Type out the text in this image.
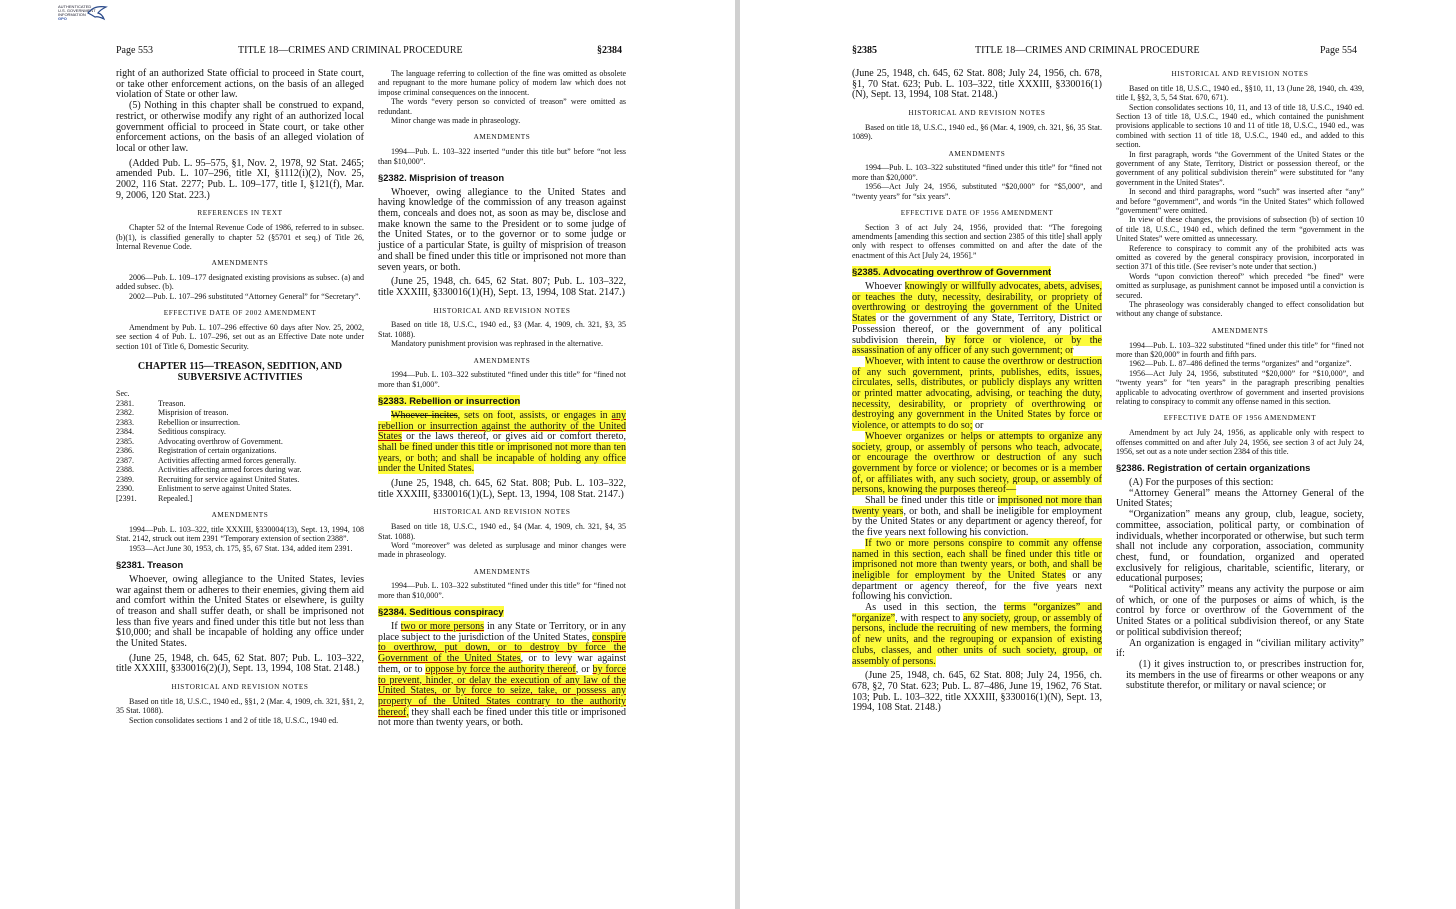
AUTHENTICATED
U.S. GOVERNMENT
INFORMATION
GPO
Page 553	TITLE 18—CRIMES AND CRIMINAL PROCEDURE	§2384

right of an authorized State official to proceed in State court, or take other enforcement actions, on the basis of an alleged violation of State or other law.

(5) Nothing in this chapter shall be construed to expand, restrict, or otherwise modify any right of an authorized local government official to proceed in State court, or take other enforcement actions, on the basis of an alleged violation of local or other law.

(Added Pub. L. 95–575, §1, Nov. 2, 1978, 92 Stat. 2465; amended Pub. L. 107–296, title XI, §1112(i)(2), Nov. 25, 2002, 116 Stat. 2277; Pub. L. 109–177, title I, §121(f), Mar. 9, 2006, 120 Stat. 223.)

REFERENCES IN TEXT

Chapter 52 of the Internal Revenue Code of 1986, referred to in subsec. (b)(1), is classified generally to chapter 52 (§5701 et seq.) of Title 26, Internal Revenue Code.

AMENDMENTS

2006—Pub. L. 109–177 designated existing provisions as subsec. (a) and added subsec. (b).

2002—Pub. L. 107–296 substituted “Attorney General” for “Secretary”.

EFFECTIVE DATE OF 2002 AMENDMENT

Amendment by Pub. L. 107–296 effective 60 days after Nov. 25, 2002, see section 4 of Pub. L. 107–296, set out as an Effective Date note under section 101 of Title 6, Domestic Security.

CHAPTER 115—TREASON, SEDITION, AND SUBVERSIVE ACTIVITIES
Sec.
2381.	Treason.
2382.	Misprision of treason.
2383.	Rebellion or insurrection.
2384.	Seditious conspiracy.
2385.	Advocating overthrow of Government.
2386.	Registration of certain organizations.
2387.	Activities affecting armed forces generally.
2388.	Activities affecting armed forces during war.
2389.	Recruiting for service against United States.
2390.	Enlistment to serve against United States.
[2391.	Repealed.]
AMENDMENTS

1994—Pub. L. 103–322, title XXXIII, §330004(13), Sept. 13, 1994, 108 Stat. 2142, struck out item 2391 “Temporary extension of section 2388”.

1953—Act June 30, 1953, ch. 175, §5, 67 Stat. 134, added item 2391.

§2381. Treason

Whoever, owing allegiance to the United States, levies war against them or adheres to their enemies, giving them aid and comfort within the United States or elsewhere, is guilty of treason and shall suffer death, or shall be imprisoned not less than five years and fined under this title but not less than $10,000; and shall be incapable of holding any office under the United States.

(June 25, 1948, ch. 645, 62 Stat. 807; Pub. L. 103–322, title XXXIII, §330016(2)(J), Sept. 13, 1994, 108 Stat. 2148.)

HISTORICAL AND REVISION NOTES

Based on title 18, U.S.C., 1940 ed., §§1, 2 (Mar. 4, 1909, ch. 321, §§1, 2, 35 Stat. 1088).

Section consolidates sections 1 and 2 of title 18, U.S.C., 1940 ed.

The language referring to collection of the fine was omitted as obsolete and repugnant to the more humane policy of modern law which does not impose criminal consequences on the innocent.

The words “every person so convicted of treason” were omitted as redundant.

Minor change was made in phraseology.

AMENDMENTS

1994—Pub. L. 103–322 inserted “under this title but” before “not less than $10,000”.

§2382. Misprision of treason

Whoever, owing allegiance to the United States and having knowledge of the commission of any treason against them, conceals and does not, as soon as may be, disclose and make known the same to the President or to some judge of the United States, or to the governor or to some judge or justice of a particular State, is guilty of misprision of treason and shall be fined under this title or imprisoned not more than seven years, or both.

(June 25, 1948, ch. 645, 62 Stat. 807; Pub. L. 103–322, title XXXIII, §330016(1)(H), Sept. 13, 1994, 108 Stat. 2147.)

HISTORICAL AND REVISION NOTES

Based on title 18, U.S.C., 1940 ed., §3 (Mar. 4, 1909, ch. 321, §3, 35 Stat. 1088).

Mandatory punishment provision was rephrased in the alternative.

AMENDMENTS

1994—Pub. L. 103–322 substituted “fined under this title” for “fined not more than $1,000”.

§2383. Rebellion or insurrection

Whoever incites, sets on foot, assists, or engages in any rebellion or insurrection against the authority of the United States or the laws thereof, or gives aid or comfort thereto, shall be fined under this title or imprisoned not more than ten years, or both; and shall be incapable of holding any office under the United States.

(June 25, 1948, ch. 645, 62 Stat. 808; Pub. L. 103–322, title XXXIII, §330016(1)(L), Sept. 13, 1994, 108 Stat. 2147.)

HISTORICAL AND REVISION NOTES

Based on title 18, U.S.C., 1940 ed., §4 (Mar. 4, 1909, ch. 321, §4, 35 Stat. 1088).

Word “moreover” was deleted as surplusage and minor changes were made in phraseology.

AMENDMENTS

1994—Pub. L. 103–322 substituted “fined under this title” for “fined not more than $10,000”.

§2384. Seditious conspiracy

If two or more persons in any State or Territory, or in any place subject to the jurisdiction of the United States, conspire to overthrow, put down, or to destroy by force the Government of the United States, or to levy war against them, or to oppose by force the authority thereof, or by force to prevent, hinder, or delay the execution of any law of the United States, or by force to seize, take, or possess any property of the United States contrary to the authority thereof, they shall each be fined under this title or imprisoned not more than twenty years, or both.

§2385	TITLE 18—CRIMES AND CRIMINAL PROCEDURE	Page 554

(June 25, 1948, ch. 645, 62 Stat. 808; July 24, 1956, ch. 678, §1, 70 Stat. 623; Pub. L. 103–322, title XXXIII, §330016(1)(N), Sept. 13, 1994, 108 Stat. 2148.)

HISTORICAL AND REVISION NOTES

Based on title 18, U.S.C., 1940 ed., §6 (Mar. 4, 1909, ch. 321, §6, 35 Stat. 1089).

AMENDMENTS

1994—Pub. L. 103–322 substituted “fined under this title” for “fined not more than $20,000”.

1956—Act July 24, 1956, substituted “$20,000” for “$5,000”, and “twenty years” for “six years”.

EFFECTIVE DATE OF 1956 AMENDMENT

Section 3 of act July 24, 1956, provided that: “The foregoing amendments [amending this section and section 2385 of this title] shall apply only with respect to offenses committed on and after the date of the enactment of this Act [July 24, 1956].”

§2385. Advocating overthrow of Government

Whoever knowingly or willfully advocates, abets, advises, or teaches the duty, necessity, desirability, or propriety of overthrowing or destroying the government of the United States or the government of any State, Territory, District or Possession thereof, or the government of any political subdivision therein, by force or violence, or by the assassination of any officer of any such government; or

Whoever, with intent to cause the overthrow or destruction of any such government, prints, publishes, edits, issues, circulates, sells, distributes, or publicly displays any written or printed matter advocating, advising, or teaching the duty, necessity, desirability, or propriety of overthrowing or destroying any government in the United States by force or violence, or attempts to do so; or

Whoever organizes or helps or attempts to organize any society, group, or assembly of persons who teach, advocate, or encourage the overthrow or destruction of any such government by force or violence; or becomes or is a member of, or affiliates with, any such society, group, or assembly of persons, knowing the purposes thereof—

Shall be fined under this title or imprisoned not more than twenty years, or both, and shall be ineligible for employment by the United States or any department or agency thereof, for the five years next following his conviction.

If two or more persons conspire to commit any offense named in this section, each shall be fined under this title or imprisoned not more than twenty years, or both, and shall be ineligible for employment by the United States or any department or agency thereof, for the five years next following his conviction.

As used in this section, the terms “organizes” and “organize”, with respect to any society, group, or assembly of persons, include the recruiting of new members, the forming of new units, and the regrouping or expansion of existing clubs, classes, and other units of such society, group, or assembly of persons.

(June 25, 1948, ch. 645, 62 Stat. 808; July 24, 1956, ch. 678, §2, 70 Stat. 623; Pub. L. 87–486, June 19, 1962, 76 Stat. 103; Pub. L. 103–322, title XXXIII, §330016(1)(N), Sept. 13, 1994, 108 Stat. 2148.)

HISTORICAL AND REVISION NOTES

Based on title 18, U.S.C., 1940 ed., §§10, 11, 13 (June 28, 1940, ch. 439, title I, §§2, 3, 5, 54 Stat. 670, 671).

Section consolidates sections 10, 11, and 13 of title 18, U.S.C., 1940 ed. Section 13 of title 18, U.S.C., 1940 ed., which contained the punishment provisions applicable to sections 10 and 11 of title 18, U.S.C., 1940 ed., was combined with section 11 of title 18, U.S.C., 1940 ed., and added to this section.

In first paragraph, words “the Government of the United States or the government of any State, Territory, District or possession thereof, or the government of any political subdivision therein” were substituted for “any government in the United States”.

In second and third paragraphs, word “such” was inserted after “any” and before “government”, and words “in the United States” which followed “government” were omitted.

In view of these changes, the provisions of subsection (b) of section 10 of title 18, U.S.C., 1940 ed., which defined the term “government in the United States” were omitted as unnecessary.

Reference to conspiracy to commit any of the prohibited acts was omitted as covered by the general conspiracy provision, incorporated in section 371 of this title. (See reviser’s note under that section.)

Words “upon conviction thereof” which preceded “be fined” were omitted as surplusage, as punishment cannot be imposed until a conviction is secured.

The phraseology was considerably changed to effect consolidation but without any change of substance.

AMENDMENTS

1994—Pub. L. 103–322 substituted “fined under this title” for “fined not more than $20,000” in fourth and fifth pars.

1962—Pub. L. 87–486 defined the terms “organizes” and “organize”.

1956—Act July 24, 1956, substituted “$20,000” for “$10,000”, and “twenty years” for “ten years” in the paragraph prescribing penalties applicable to advocating overthrow of government and inserted provisions relating to conspiracy to commit any offense named in this section.

EFFECTIVE DATE OF 1956 AMENDMENT

Amendment by act July 24, 1956, as applicable only with respect to offenses committed on and after July 24, 1956, see section 3 of act July 24, 1956, set out as a note under section 2384 of this title.

§2386. Registration of certain organizations

(A) For the purposes of this section:

“Attorney General” means the Attorney General of the United States;

“Organization” means any group, club, league, society, committee, association, political party, or combination of individuals, whether incorporated or otherwise, but such term shall not include any corporation, association, community chest, fund, or foundation, organized and operated exclusively for religious, charitable, scientific, literary, or educational purposes;

“Political activity” means any activity the purpose or aim of which, or one of the purposes or aims of which, is the control by force or overthrow of the Government of the United States or a political subdivision thereof, or any State or political subdivision thereof;

An organization is engaged in “civilian military activity” if:

(1) it gives instruction to, or prescribes instruction for, its members in the use of firearms or other weapons or any substitute therefor, or military or naval science; or
